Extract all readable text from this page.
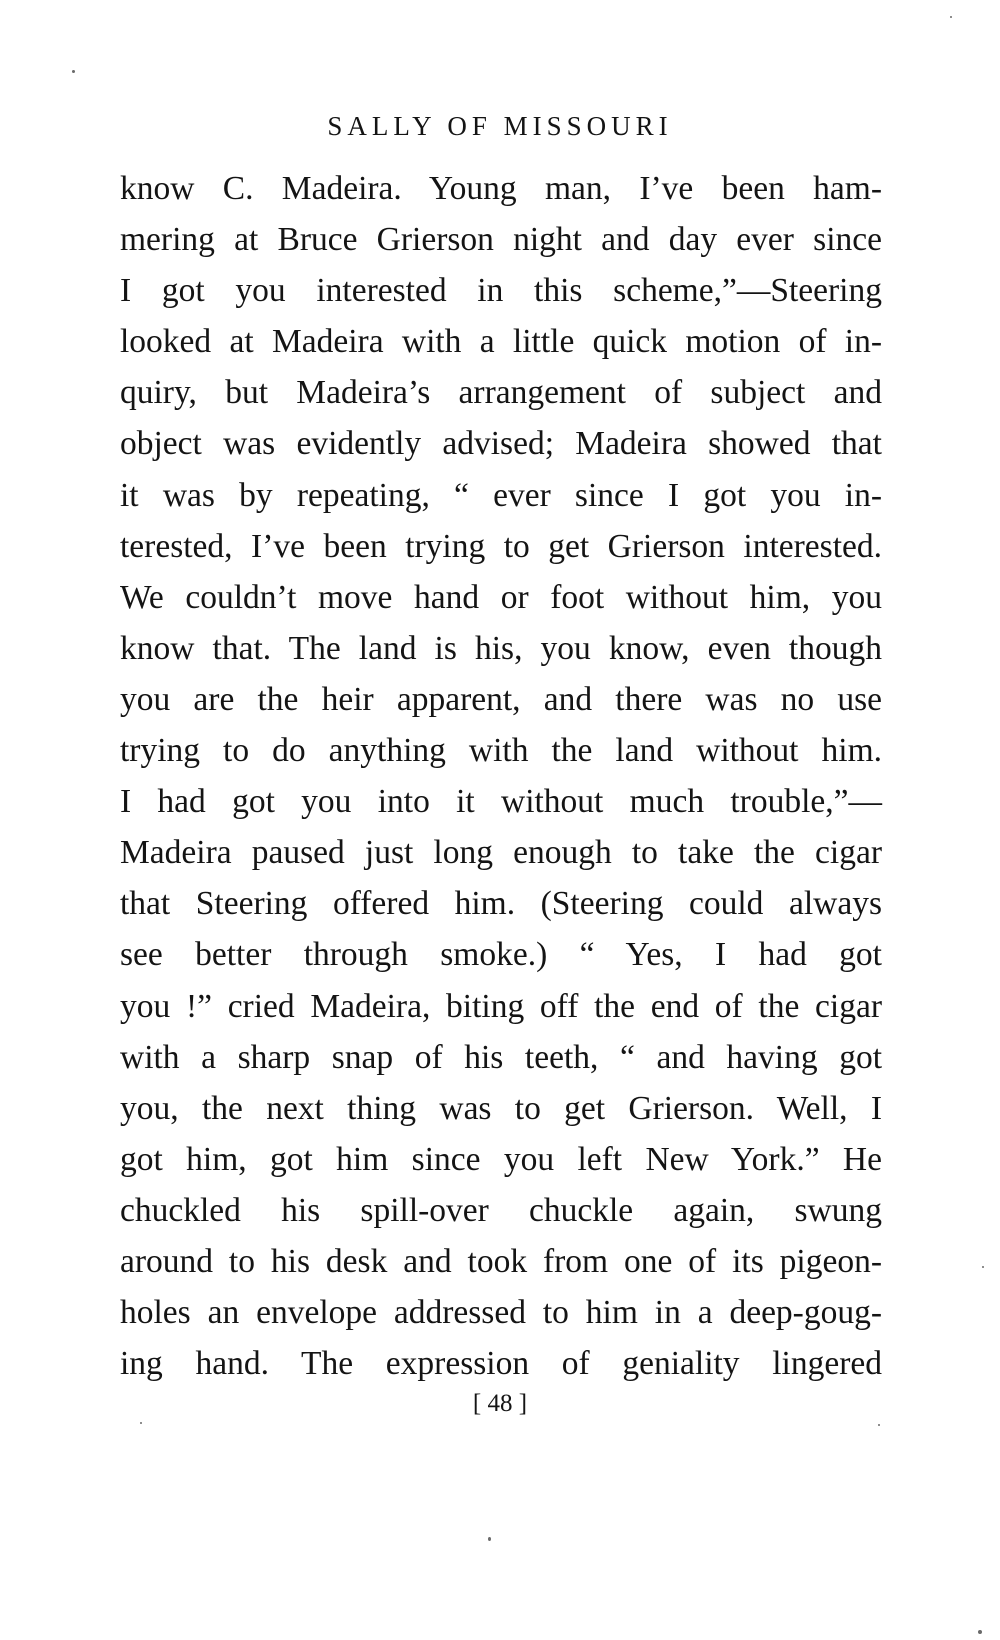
SALLY OF MISSOURI
know C. Madeira. Young man, I’ve been ham-
mering at Bruce Grierson night and day ever since
I got you interested in this scheme,”—Steering
looked at Madeira with a little quick motion of in-
quiry, but Madeira’s arrangement of subject and
object was evidently advised; Madeira showed that
it was by repeating, “ ever since I got you in-
terested, I’ve been trying to get Grierson interested.
We couldn’t move hand or foot without him, you
know that. The land is his, you know, even though
you are the heir apparent, and there was no use
trying to do anything with the land without him.
I had got you into it without much trouble,”—
Madeira paused just long enough to take the cigar
that Steering offered him. (Steering could always
see better through smoke.) “ Yes, I had got
you !” cried Madeira, biting off the end of the cigar
with a sharp snap of his teeth, “ and having got
you, the next thing was to get Grierson. Well, I
got him, got him since you left New York.” He
chuckled his spill-over chuckle again, swung
around to his desk and took from one of its pigeon-
holes an envelope addressed to him in a deep-goug-
ing hand. The expression of geniality lingered
[ 48 ]
